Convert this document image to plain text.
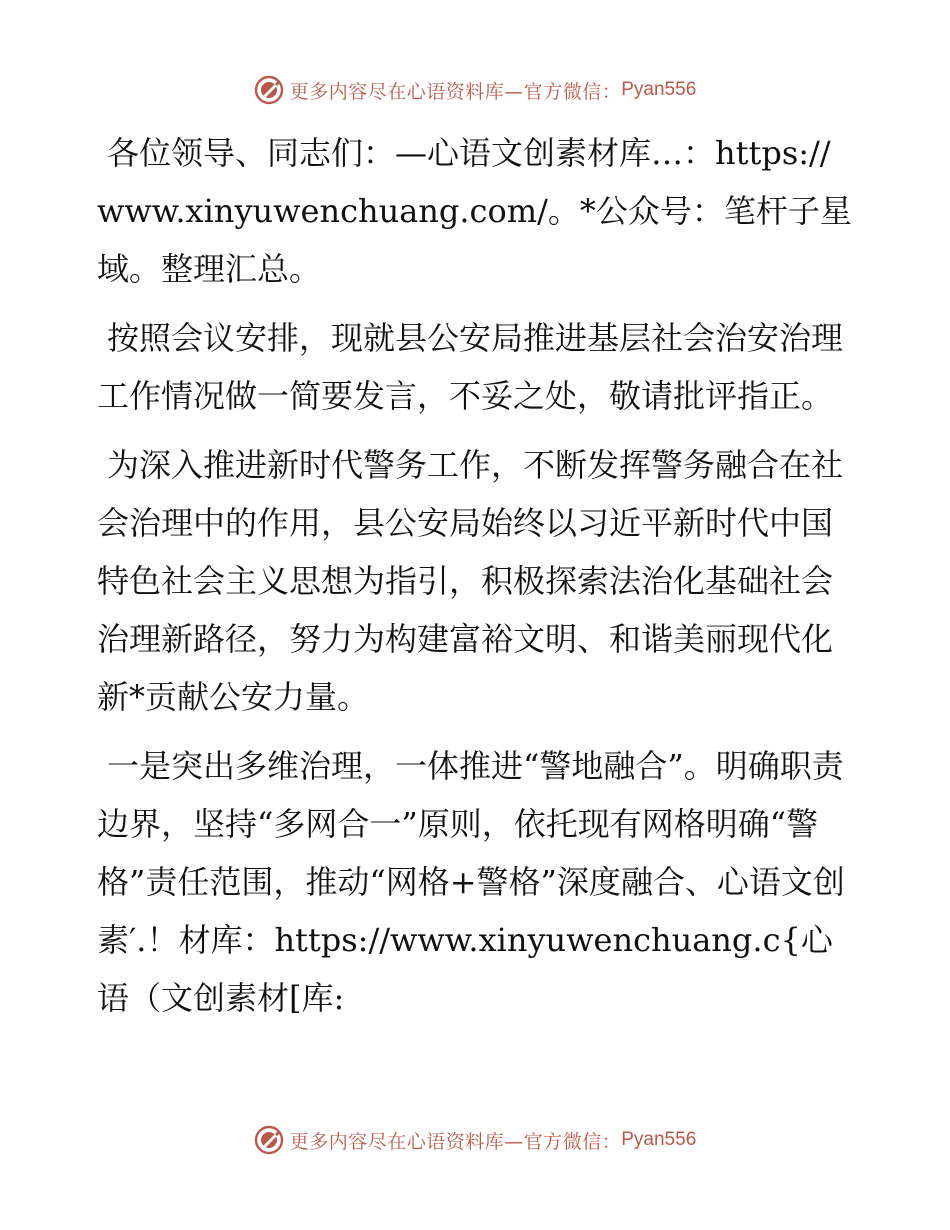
更多内容尽在心语资料库—官方微信： Pyan556

各位领导、同志们：—心语文创素材库…：https://www.xinyuwenchuang.com/。*公众号：笔杆子星域。整理汇总。

按照会议安排，现就县公安局推进基层社会治安治理工作情况做一简要发言，不妥之处，敬请批评指正。

为深入推进新时代警务工作，不断发挥警务融合在社会治理中的作用，县公安局始终以习近平新时代中国特色社会主义思想为指引，积极探索法治化基础社会治理新路径，努力为构建富裕文明、和谐美丽现代化新*贡献公安力量。

一是突出多维治理，一体推进“警地融合”。明确职责边界，坚持“多网合一”原则，依托现有网格明确“警格”责任范围，推动“网格+警格”深度融合、心语文创素′.！材库：https://www.xinyuwenchuang.c{心语（文创素材[库:

更多内容尽在心语资料库—官方微信： Pyan556
